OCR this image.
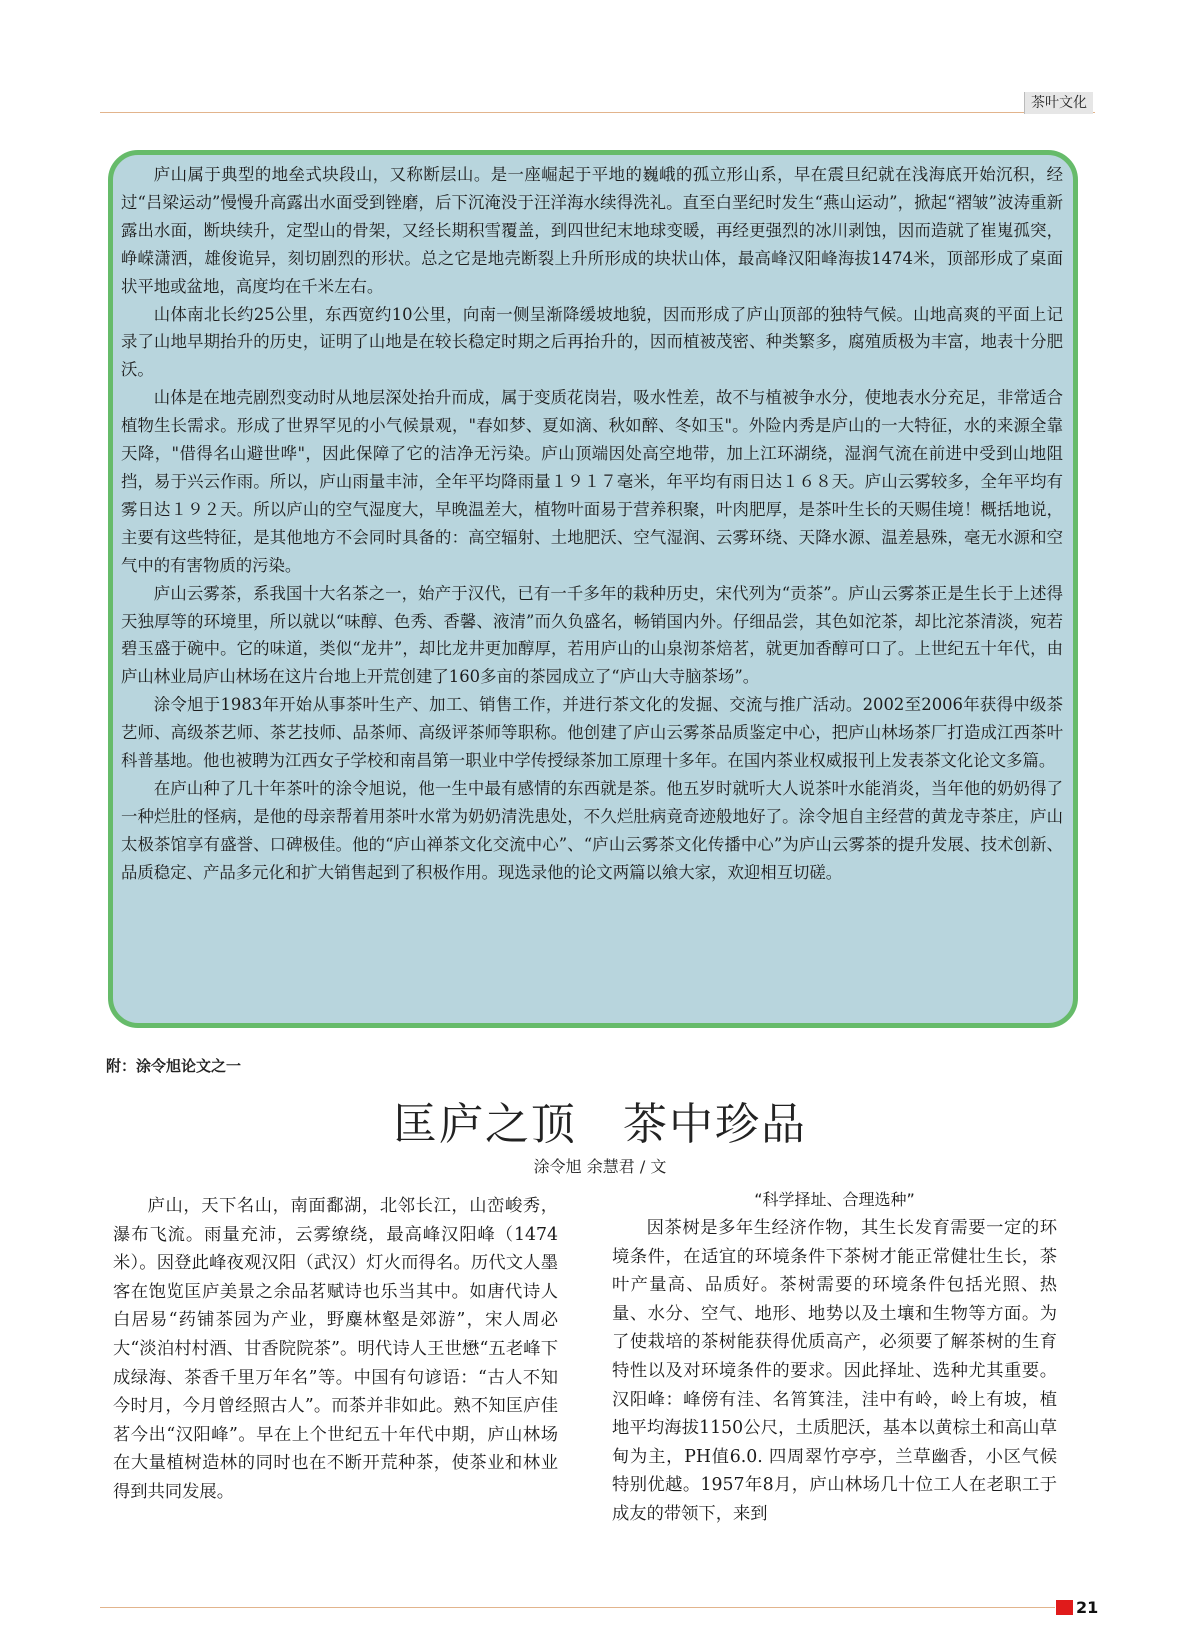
茶叶文化

庐山属于典型的地垒式块段山，又称断层山。是一座崛起于平地的巍峨的孤立形山系，早在震旦纪就在浅海底开始沉积，经过“吕梁运动”慢慢升高露出水面受到锉磨，后下沉淹没于汪洋海水续得洗礼。直至白垩纪时发生“燕山运动”，掀起“褶皱”波涛重新露出水面，断块续升，定型山的骨架，又经长期积雪覆盖，到四世纪末地球变暖，再经更强烈的冰川剥蚀，因而造就了崔嵬孤突，峥嵘潇洒，雄俊诡异，刻切剧烈的形状。总之它是地壳断裂上升所形成的块状山体，最高峰汉阳峰海拔1474米，顶部形成了桌面状平地或盆地，高度均在千米左右。

山体南北长约25公里，东西宽约10公里，向南一侧呈渐降缓坡地貌，因而形成了庐山顶部的独特气候。山地高爽的平面上记录了山地早期抬升的历史，证明了山地是在较长稳定时期之后再抬升的，因而植被茂密、种类繁多，腐殖质极为丰富，地表十分肥沃。

山体是在地壳剧烈变动时从地层深处抬升而成，属于变质花岗岩，吸水性差，故不与植被争水分，使地表水分充足，非常适合植物生长需求。形成了世界罕见的小气候景观，"春如梦、夏如滴、秋如醉、冬如玉"。外险内秀是庐山的一大特征，水的来源全靠天降，"借得名山避世哗"，因此保障了它的洁净无污染。庐山顶端因处高空地带，加上江环湖绕，湿润气流在前进中受到山地阻挡，易于兴云作雨。所以，庐山雨量丰沛，全年平均降雨量１９１７毫米，年平均有雨日达１６８天。庐山云雾较多，全年平均有雾日达１９２天。所以庐山的空气湿度大，早晚温差大，植物叶面易于营养积聚，叶肉肥厚，是茶叶生长的天赐佳境！概括地说，主要有这些特征，是其他地方不会同时具备的：高空辐射、土地肥沃、空气湿润、云雾环绕、天降水源、温差悬殊，毫无水源和空气中的有害物质的污染。

庐山云雾茶，系我国十大名茶之一，始产于汉代，已有一千多年的栽种历史，宋代列为“贡茶”。庐山云雾茶正是生长于上述得天独厚等的环境里，所以就以“味醇、色秀、香馨、液清”而久负盛名，畅销国内外。仔细品尝，其色如沱茶，却比沱茶清淡，宛若碧玉盛于碗中。它的味道，类似“龙井”，却比龙井更加醇厚，若用庐山的山泉沏茶焙茗，就更加香醇可口了。上世纪五十年代，由庐山林业局庐山林场在这片台地上开荒创建了160多亩的茶园成立了“庐山大寺脑茶场”。

涂令旭于1983年开始从事茶叶生产、加工、销售工作，并进行茶文化的发掘、交流与推广活动。2002至2006年获得中级茶艺师、高级茶艺师、茶艺技师、品茶师、高级评茶师等职称。他创建了庐山云雾茶品质鉴定中心，把庐山林场茶厂打造成江西茶叶科普基地。他也被聘为江西女子学校和南昌第一职业中学传授绿茶加工原理十多年。在国内茶业权威报刊上发表茶文化论文多篇。

在庐山种了几十年茶叶的涂令旭说，他一生中最有感情的东西就是茶。他五岁时就听大人说茶叶水能消炎，当年他的奶奶得了一种烂肚的怪病，是他的母亲帮着用茶叶水常为奶奶清洗患处，不久烂肚病竟奇迹般地好了。涂令旭自主经营的黄龙寺茶庄，庐山太极茶馆享有盛誉、口碑极佳。他的“庐山禅茶文化交流中心”、“庐山云雾茶文化传播中心”为庐山云雾茶的提升发展、技术创新、品质稳定、产品多元化和扩大销售起到了积极作用。现选录他的论文两篇以飨大家，欢迎相互切磋。

附：涂令旭论文之一
匡庐之顶　茶中珍品
涂令旭 余慧君 / 文

庐山，天下名山，南面鄱湖，北邻长江，山峦峻秀，瀑布飞流。雨量充沛，云雾缭绕，最高峰汉阳峰（1474米）。因登此峰夜观汉阳（武汉）灯火而得名。历代文人墨客在饱览匡庐美景之余品茗赋诗也乐当其中。如唐代诗人白居易“药铺茶园为产业，野麋林壑是郊游”，宋人周必大“淡泊村村酒、甘香院院茶”。明代诗人王世懋“五老峰下成绿海、茶香千里万年名”等。中国有句谚语：“古人不知今时月，今月曾经照古人”。而茶并非如此。熟不知匡庐佳茗今出“汉阳峰”。早在上个世纪五十年代中期，庐山林场在大量植树造林的同时也在不断开荒种茶，使茶业和林业得到共同发展。

“科学择址、合理选种”

因茶树是多年生经济作物，其生长发育需要一定的环境条件，在适宜的环境条件下茶树才能正常健壮生长，茶叶产量高、品质好。茶树需要的环境条件包括光照、热量、水分、空气、地形、地势以及土壤和生物等方面。为了使栽培的茶树能获得优质高产，必须要了解茶树的生育特性以及对环境条件的要求。因此择址、选种尤其重要。汉阳峰：峰傍有洼、名筲箕洼，洼中有岭，岭上有坡，植地平均海拔1150公尺，土质肥沃，基本以黄棕土和高山草甸为主，PH值6.0. 四周翠竹亭亭，兰草幽香，小区气候特别优越。1957年8月，庐山林场几十位工人在老职工于成友的带领下，来到

21
